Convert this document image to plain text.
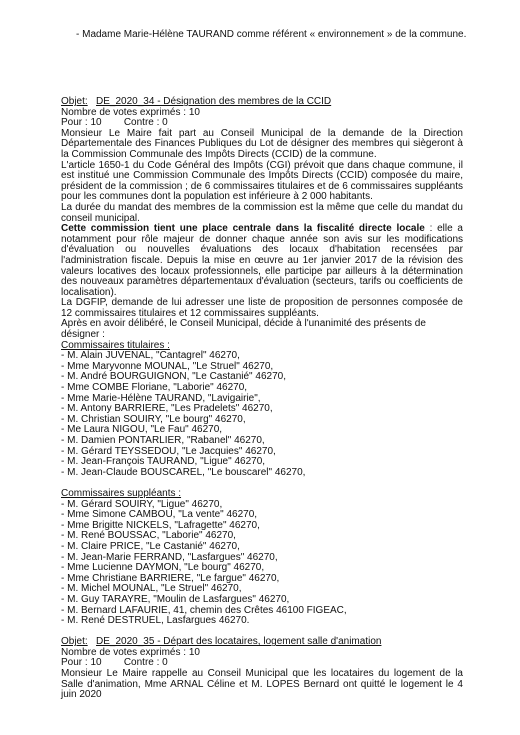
- Madame Marie-Hélène TAURAND comme référent « environnement » de la commune.
Objet: DE_2020_34 - Désignation des membres de la CCID
Nombre de votes exprimés : 10
Pour : 10 Contre : 0
Monsieur Le Maire fait part au Conseil Municipal de la demande de la Direction Départementale des Finances Publiques du Lot de désigner des membres qui siègeront à la Commission Communale des Impôts Directs (CCID) de la commune.
L'article 1650-1 du Code Général des Impôts (CGI) prévoit que dans chaque commune, il est institué une Commission Communale des Impôts Directs (CCID) composée du maire, président de la commission ; de 6 commissaires titulaires et de 6 commissaires suppléants pour les communes dont la population est inférieure à 2 000 habitants.
La durée du mandat des membres de la commission est la même que celle du mandat du conseil municipal.
Cette commission tient une place centrale dans la fiscalité directe locale : elle a notamment pour rôle majeur de donner chaque année son avis sur les modifications d'évaluation ou nouvelles évaluations des locaux d'habitation recensées par l'administration fiscale. Depuis la mise en œuvre au 1er janvier 2017 de la révision des valeurs locatives des locaux professionnels, elle participe par ailleurs à la détermination des nouveaux paramètres départementaux d'évaluation (secteurs, tarifs ou coefficients de localisation).
La DGFIP, demande de lui adresser une liste de proposition de personnes composée de 12 commissaires titulaires et 12 commissaires suppléants.
Après en avoir délibéré, le Conseil Municipal, décide à l'unanimité des présents de désigner :
Commissaires titulaires :
- M. Alain JUVENAL, "Cantagrel" 46270,
- Mme Maryvonne MOUNAL, "Le Struel" 46270,
- M. André BOURGUIGNON, "Le Castanié" 46270,
- Mme COMBE Floriane, "Laborie" 46270,
- Mme Marie-Hélène TAURAND, "Lavigairie",
- M. Antony BARRIERE, "Les Pradelets" 46270,
- M. Christian SOUIRY, "Le bourg" 46270,
- Me Laura NIGOU, "Le Fau" 46270,
- M. Damien PONTARLIER, "Rabanel" 46270,
- M. Gérard TEYSSEDOU, "Le Jacquies" 46270,
- M. Jean-François TAURAND, "Ligue" 46270,
- M. Jean-Claude BOUSCAREL, "Le bouscarel" 46270,
Commissaires suppléants :
- M. Gérard SOUIRY, "Ligue" 46270,
- Mme Simone CAMBOU, "La vente" 46270,
- Mme Brigitte NICKELS, "Lafragette" 46270,
- M. René BOUSSAC, "Laborie" 46270,
- M. Claire PRICE, "Le Castanié" 46270,
- M. Jean-Marie FERRAND, "Lasfargues" 46270,
- Mme Lucienne DAYMON, "Le bourg" 46270,
- Mme Christiane BARRIERE, "Le fargue" 46270,
- M. Michel MOUNAL, "Le Struel" 46270,
- M. Guy TARAYRE, "Moulin de Lasfargues" 46270,
- M. Bernard LAFAURIE, 41, chemin des Crêtes 46100 FIGEAC,
- M. René DESTRUEL, Lasfargues 46270.
Objet: DE_2020_35 - Départ des locataires, logement salle d'animation
Nombre de votes exprimés : 10
Pour : 10 Contre : 0
Monsieur Le Maire rappelle au Conseil Municipal que les locataires du logement de la Salle d'animation, Mme ARNAL Céline et M. LOPES Bernard ont quitté le logement le 4 juin 2020
